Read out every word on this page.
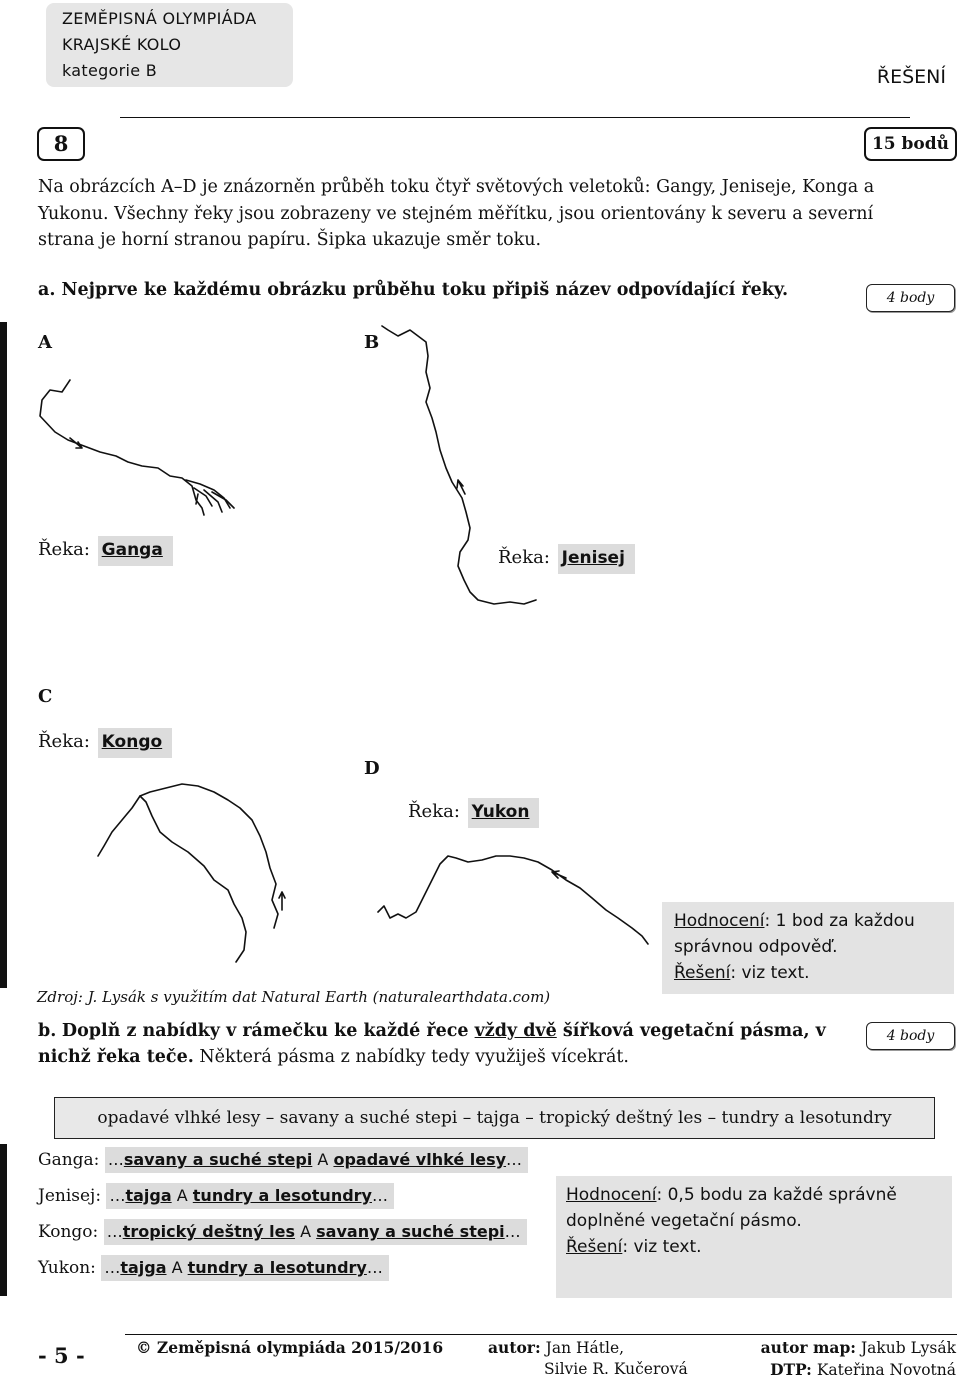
ZEMĚPISNÁ OLYMPIÁDA
KRAJSKÉ KOLO
kategorie B	ŘEŠENÍ
8	15 bodů
Na obrázcích A–D je znázorněn průběh toku čtyř světových veletoků: Gangy, Jeniseje, Konga a Yukonu. Všechny řeky jsou zobrazeny ve stejném měřítku, jsou orientovány k severu a severní strana je horní stranou papíru. Šipka ukazuje směr toku.
a. Nejprve ke každému obrázku průběhu toku připiš název odpovídající řeky.	4 body
A	B
C
D
Řeka: Ganga	Řeka: Jenisej
Řeka: Kongo
Řeka: Yukon
Hodnocení: 1 bod za každou správnou odpověď.
Řešení: viz text.
Zdroj: J. Lysák s využitím dat Natural Earth (naturalearthdata.com)
b. Doplň z nabídky v rámečku ke každé řece vždy dvě šířková vegetační pásma, v nichž řeka teče. Některá pásma z nabídky tedy využiješ vícekrát.
4 body
opadavé vlhké lesy – savany a suché stepi – tajga – tropický deštný les – tundry a lesotundry
Ganga: …savany a suché stepi A opadavé vlhké lesy…
Jenisej: …tajga A tundry a lesotundry…
Kongo: …tropický deštný les A savany a suché stepi…
Yukon: …tajga A tundry a lesotundry…
Hodnocení: 0,5 bodu za každé správně doplněné vegetační pásmo.
Řešení: viz text.
- 5 -	© Zeměpisná olympiáda 2015/2016	autor: Jan Hátle,
Silvie R. Kučerová
autor map: Jakub Lysák
DTP: Kateřina Novotná
